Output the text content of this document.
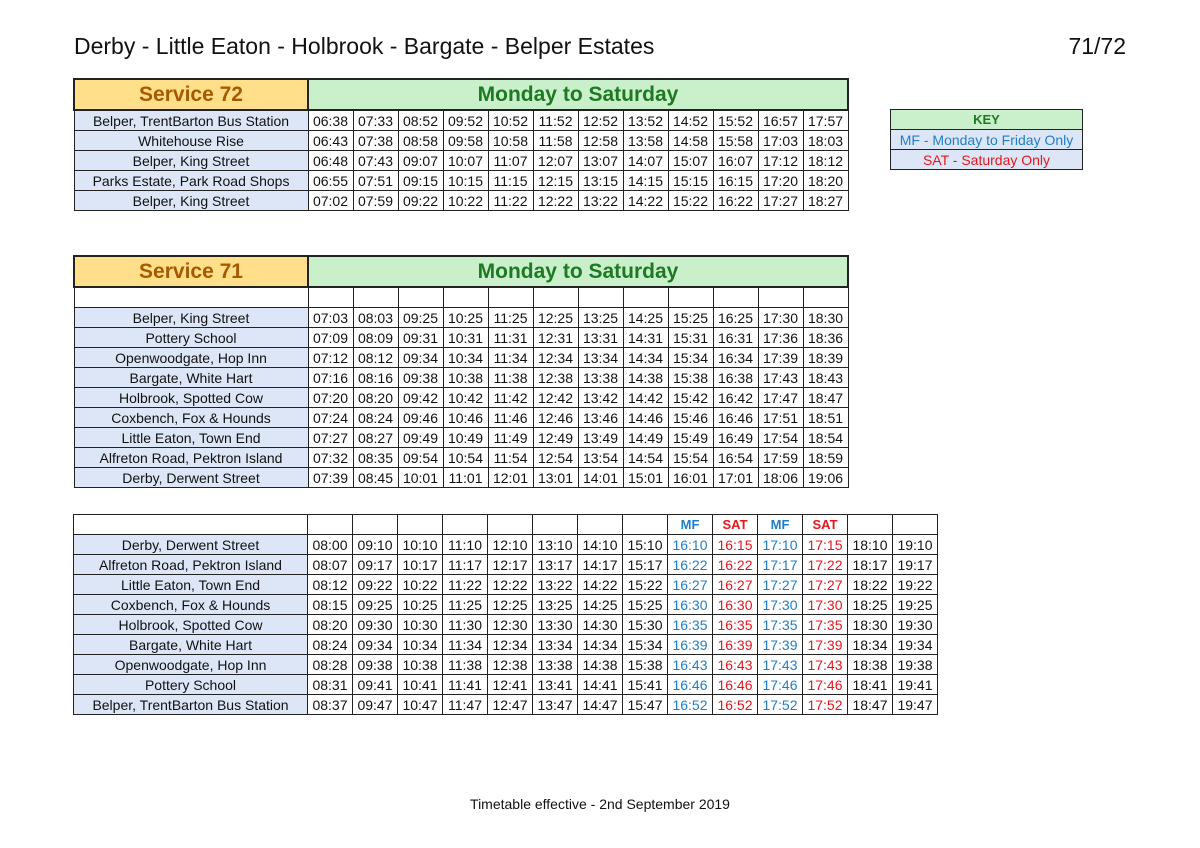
Derby - Little Eaton - Holbrook - Bargate - Belper Estates	71/72
Service 72	Monday to Saturday											
Belper, TrentBarton Bus Station	06:38	07:33	08:52	09:52	10:52	11:52	12:52	13:52	14:52	15:52	16:57	17:57
Whitehouse Rise	06:43	07:38	08:58	09:58	10:58	11:58	12:58	13:58	14:58	15:58	17:03	18:03
Belper, King Street	06:48	07:43	09:07	10:07	11:07	12:07	13:07	14:07	15:07	16:07	17:12	18:12
Parks Estate, Park Road Shops	06:55	07:51	09:15	10:15	11:15	12:15	13:15	14:15	15:15	16:15	17:20	18:20
Belper, King Street	07:02	07:59	09:22	10:22	11:22	12:22	13:22	14:22	15:22	16:22	17:27	18:27
KEY
MF - Monday to Friday Only
SAT - Saturday Only
Service 71	Monday to Saturday											

Belper, King Street	07:03	08:03	09:25	10:25	11:25	12:25	13:25	14:25	15:25	16:25	17:30	18:30
Pottery School	07:09	08:09	09:31	10:31	11:31	12:31	13:31	14:31	15:31	16:31	17:36	18:36
Openwoodgate, Hop Inn	07:12	08:12	09:34	10:34	11:34	12:34	13:34	14:34	15:34	16:34	17:39	18:39
Bargate, White Hart	07:16	08:16	09:38	10:38	11:38	12:38	13:38	14:38	15:38	16:38	17:43	18:43
Holbrook, Spotted Cow	07:20	08:20	09:42	10:42	11:42	12:42	13:42	14:42	15:42	16:42	17:47	18:47
Coxbench, Fox & Hounds	07:24	08:24	09:46	10:46	11:46	12:46	13:46	14:46	15:46	16:46	17:51	18:51
Little Eaton, Town End	07:27	08:27	09:49	10:49	11:49	12:49	13:49	14:49	15:49	16:49	17:54	18:54
Alfreton Road, Pektron Island	07:32	08:35	09:54	10:54	11:54	12:54	13:54	14:54	15:54	16:54	17:59	18:59
Derby, Derwent Street	07:39	08:45	10:01	11:01	12:01	13:01	14:01	15:01	16:01	17:01	18:06	19:06
									MF	SAT	MF	SAT		
Derby, Derwent Street	08:00	09:10	10:10	11:10	12:10	13:10	14:10	15:10	16:10	16:15	17:10	17:15	18:10	19:10
Alfreton Road, Pektron Island	08:07	09:17	10:17	11:17	12:17	13:17	14:17	15:17	16:22	16:22	17:17	17:22	18:17	19:17
Little Eaton, Town End	08:12	09:22	10:22	11:22	12:22	13:22	14:22	15:22	16:27	16:27	17:27	17:27	18:22	19:22
Coxbench, Fox & Hounds	08:15	09:25	10:25	11:25	12:25	13:25	14:25	15:25	16:30	16:30	17:30	17:30	18:25	19:25
Holbrook, Spotted Cow	08:20	09:30	10:30	11:30	12:30	13:30	14:30	15:30	16:35	16:35	17:35	17:35	18:30	19:30
Bargate, White Hart	08:24	09:34	10:34	11:34	12:34	13:34	14:34	15:34	16:39	16:39	17:39	17:39	18:34	19:34
Openwoodgate, Hop Inn	08:28	09:38	10:38	11:38	12:38	13:38	14:38	15:38	16:43	16:43	17:43	17:43	18:38	19:38
Pottery School	08:31	09:41	10:41	11:41	12:41	13:41	14:41	15:41	16:46	16:46	17:46	17:46	18:41	19:41
Belper, TrentBarton Bus Station	08:37	09:47	10:47	11:47	12:47	13:47	14:47	15:47	16:52	16:52	17:52	17:52	18:47	19:47
Timetable effective - 2nd September 2019
